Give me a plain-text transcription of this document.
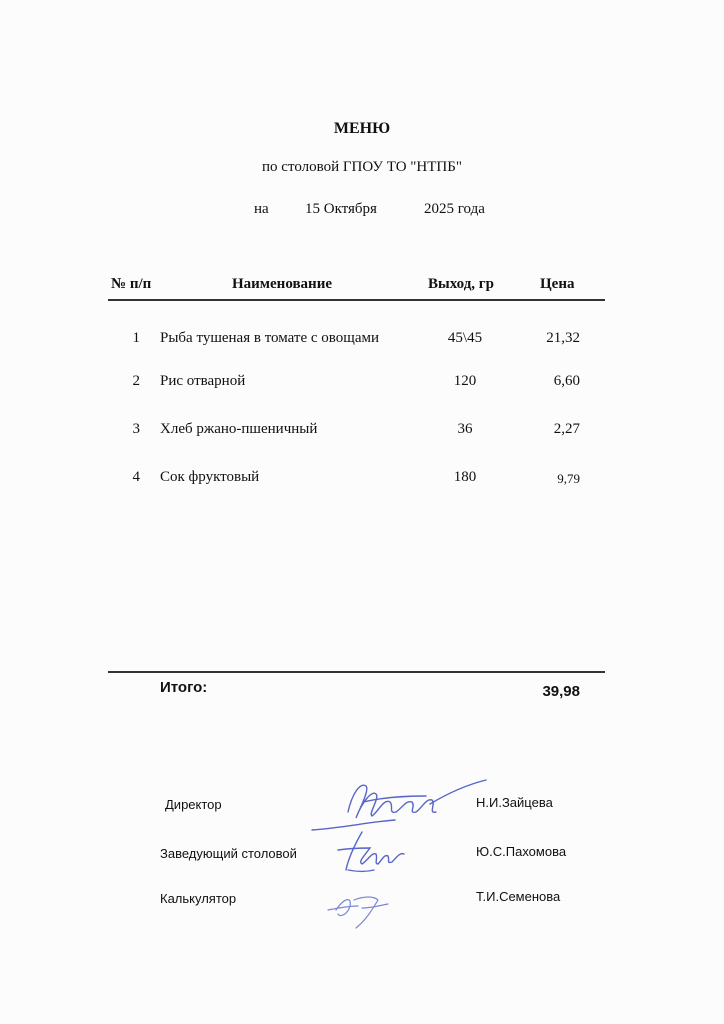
МЕНЮ
по столовой ГПОУ ТО "НТПБ"
на 15 Октября	2025 года
№ п/п	Наименование	Выход, гр	Цена
1 Рыба тушеная в томате с овощами	45\45	21,32
2 Рис отварной	120	6,60
3 Хлеб ржано-пшеничный	36	2,27
4 Сок фруктовый	180	9,79
Итого:	39,98
Директор	Н.И.Зайцева
Заведующий столовой	Ю.С.Пахомова
Калькулятор	Т.И.Семенова
